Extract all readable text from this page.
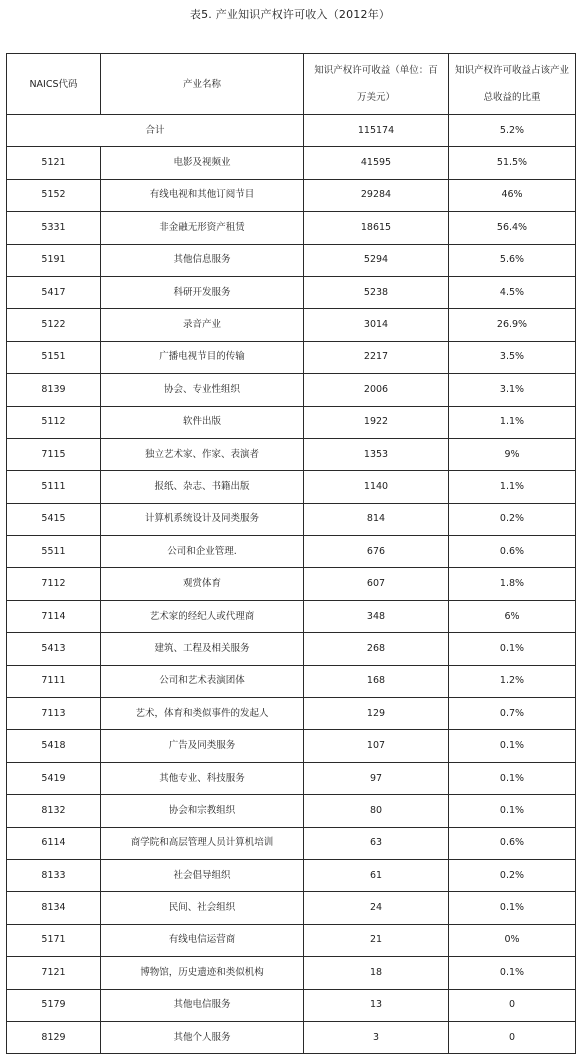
表5. 产业知识产权许可收入（2012年）
NAICS代码	产业名称	知识产权许可收益（单位：百万美元）	知识产权许可收益占该产业总收益的比重
合计		115174	5.2%
5121	电影及视频业	41595	51.5%
5152	有线电视和其他订阅节目	29284	46%
5331	非金融无形资产租赁	18615	56.4%
5191	其他信息服务	5294	5.6%
5417	科研开发服务	5238	4.5%
5122	录音产业	3014	26.9%
5151	广播电视节目的传输	2217	3.5%
8139	协会、专业性组织	2006	3.1%
5112	软件出版	1922	1.1%
7115	独立艺术家、作家、表演者	1353	9%
5111	报纸、杂志、书籍出版	1140	1.1%
5415	计算机系统设计及同类服务	814	0.2%
5511	公司和企业管理.	676	0.6%
7112	观赏体育	607	1.8%
7114	艺术家的经纪人或代理商	348	6%
5413	建筑、工程及相关服务	268	0.1%
7111	公司和艺术表演团体	168	1.2%
7113	艺术，体育和类似事件的发起人	129	0.7%
5418	广告及同类服务	107	0.1%
5419	其他专业、科技服务	97	0.1%
8132	协会和宗教组织	80	0.1%
6114	商学院和高层管理人员计算机培训	63	0.6%
8133	社会倡导组织	61	0.2%
8134	民间、社会组织	24	0.1%
5171	有线电信运营商	21	0%
7121	博物馆，历史遗迹和类似机构	18	0.1%
5179	其他电信服务	13	0
8129	其他个人服务	3	0
